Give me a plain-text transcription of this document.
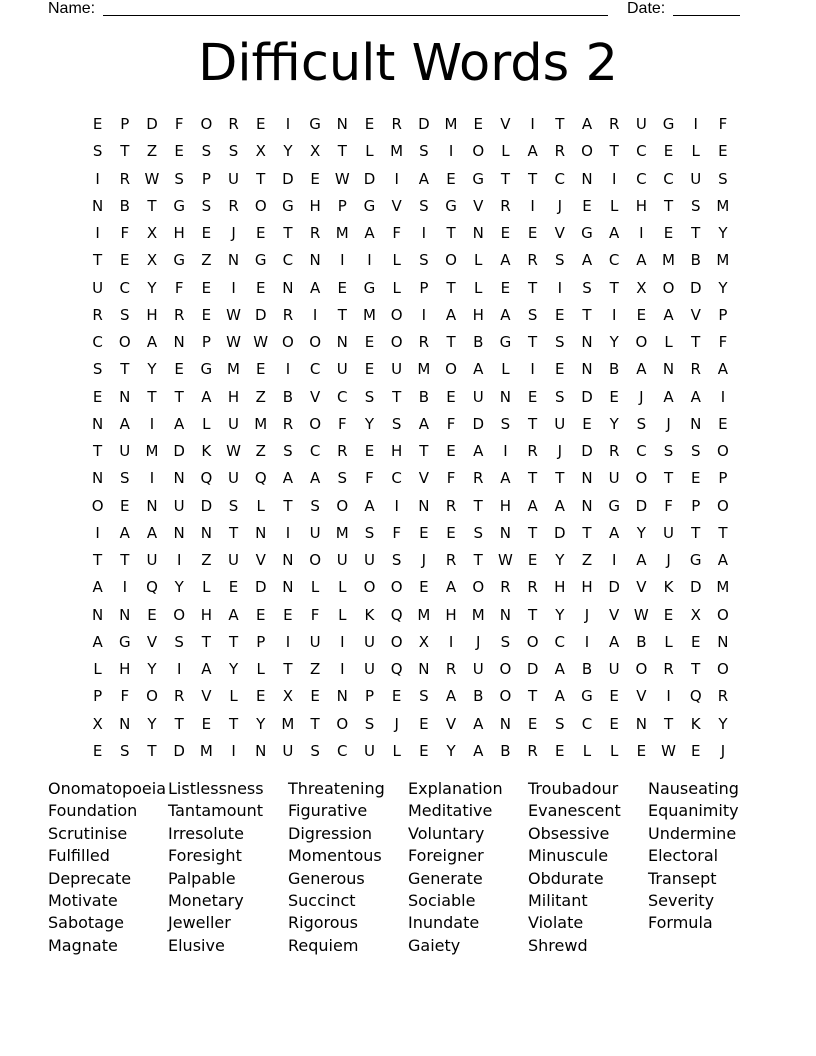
Name:	Date:
Difficult Words 2
E	P	D	F	O	R	E	I	G	N	E	R	D M	E	V	I	T	A	R	U	G	I	F
S	T	Z	E	S	S	X	Y	X	T	L	M	S	I	O	L	A	R	O	T	C	E	L	E
I	R W	S	P	U	T	D	E	W D	I	A	E	G	T	T	C	N	I	C	C	U	S
N	B	T	G	S	R	O	G	H	P	G	V	S	G	V	R	I	J	E	L	H	T	S	M
I	F	X	H	E	J	E	T	R	M	A	F	I	T	N	E	E	V	G	A	I	E	T	Y
T	E	X	G	Z	N	G	C	N	I	I	L	S	O	L	A	R	S	A	C	A	M	B	M
U	C	Y	F	E	I	E	N	A	E	G	L	P	T	L	E	T	I	S	T	X	O	D	Y
R	S	H	R	E	W D	R	I	T	M O	I	A	H	A	S	E	T	I	E	A	V	P
C	O	A	N	P	W W O	O	N	E	O	R	T	B	G	T	S	N	Y	O	L	T	F
S	T	Y	E	G M	E	I	C	U	E	U	M O	A	L	I	E	N	B	A	N	R	A
E	N	T	T	A	H	Z	B	V	C	S	T	B	E	U	N	E	S	D	E	J	A	A	I
N	A	I	A	L	U	M	R	O	F	Y	S	A	F	D	S	T	U	E	Y	S	J	N	E
T	U	M D	K W Z	S	C	R	E	H	T	E	A	I	R	J	D	R	C	S	S	O
N	S	I	N	Q	U	Q	A	A	S	F	C	V	F	R	A	T	T	N	U	O	T	E	P
O	E	N	U	D	S	L	T	S	O	A	I	N	R	T	H	A	A	N	G	D	F	P	O
I	A	A	N	N	T	N	I	U	M	S	F	E	E	S	N	T	D	T	A	Y	U	T	T
T	T	U	I	Z	U	V	N	O	U	U	S	J	R	T	W	E	Y	Z	I	A	J	G	A
A	I	Q	Y	L	E	D	N	L	L	O	O	E	A	O	R	R	H	H	D	V	K	D M
N	N	E	O	H	A	E	E	F	L	K	Q M	H	M	N	T	Y	J	V W	E	X	O
A	G	V	S	T	T	P	I	U	I	U	O	X	I	J	S	O	C	I	A	B	L	E	N
L	H	Y	I	A	Y	L	T	Z	I	U	Q	N	R	U	O	D	A	B	U	O	R	T	O
P	F	O	R	V	L	E	X	E	N	P	E	S	A	B	O	T	A	G	E	V	I	Q	R
X	N	Y	T	E	T	Y	M	T	O	S	J	E	V	A	N	E	S	C	E	N	T	K	Y
E	S	T	D M	I	N	U	S	C	U	L	E	Y	A	B	R	E	L	L	E	W	E	J
Onomatopoeia Listlessness	Threatening	Explanation	Troubadour	Nauseating
Foundation	Tantamount	Figurative	Meditative	Evanescent	Equanimity
Scrutinise	Irresolute	Digression	Voluntary	Obsessive	Undermine
Fulfilled	Foresight	Momentous	Foreigner	Minuscule	Electoral
Deprecate	Palpable	Generous	Generate	Obdurate	Transept
Motivate	Monetary	Succinct	Sociable	Militant	Severity
Sabotage	Jeweller	Rigorous	Inundate	Violate	Formula
Magnate	Elusive	Requiem	Gaiety	Shrewd
